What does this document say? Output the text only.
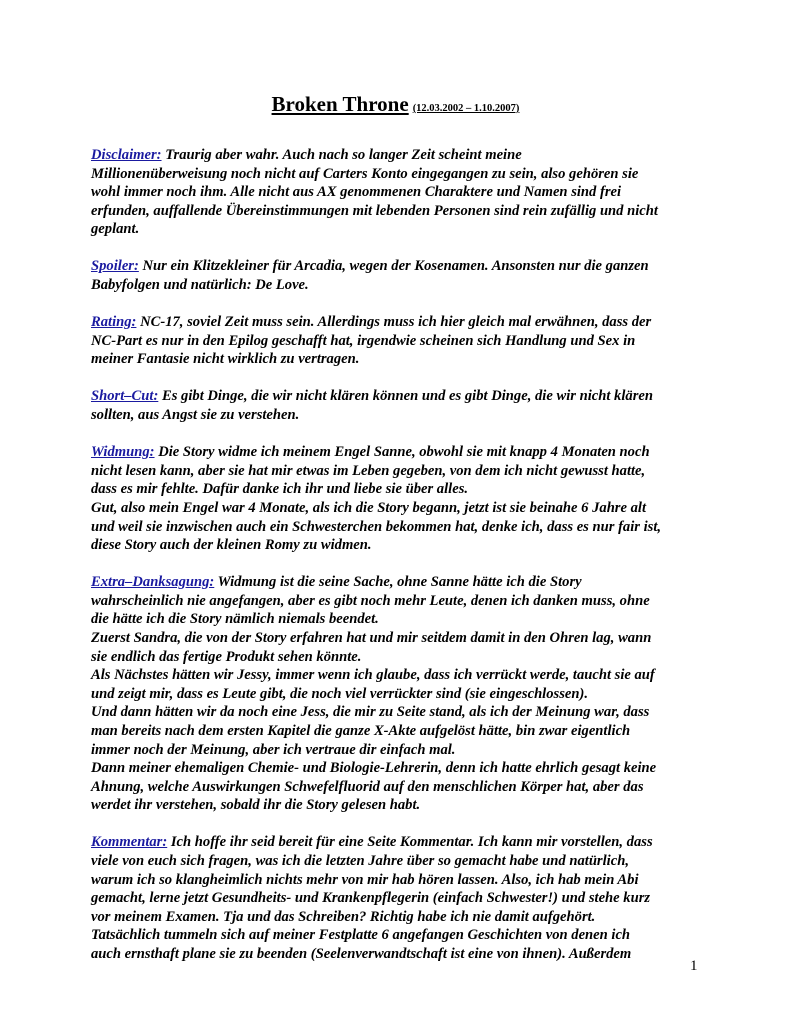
Broken Throne (12.03.2002 – 1.10.2007)
Disclaimer: Traurig aber wahr. Auch nach so langer Zeit scheint meine
Millionenüberweisung noch nicht auf Carters Konto eingegangen zu sein, also gehören sie
wohl immer noch ihm. Alle nicht aus AX genommenen Charaktere und Namen sind frei
erfunden, auffallende Übereinstimmungen mit lebenden Personen sind rein zufällig und nicht
geplant.
Spoiler: Nur ein Klitzekleiner für Arcadia, wegen der Kosenamen. Ansonsten nur die ganzen
Babyfolgen und natürlich: De Love.
Rating: NC-17, soviel Zeit muss sein. Allerdings muss ich hier gleich mal erwähnen, dass der
NC-Part es nur in den Epilog geschafft hat, irgendwie scheinen sich Handlung und Sex in
meiner Fantasie nicht wirklich zu vertragen.
Short–Cut: Es gibt Dinge, die wir nicht klären können und es gibt Dinge, die wir nicht klären
sollten, aus Angst sie zu verstehen.
Widmung: Die Story widme ich meinem Engel Sanne, obwohl sie mit knapp 4 Monaten noch
nicht lesen kann, aber sie hat mir etwas im Leben gegeben, von dem ich nicht gewusst hatte,
dass es mir fehlte. Dafür danke ich ihr und liebe sie über alles.
Gut, also mein Engel war 4 Monate, als ich die Story begann, jetzt ist sie beinahe 6 Jahre alt
und weil sie inzwischen auch ein Schwesterchen bekommen hat, denke ich, dass es nur fair ist,
diese Story auch der kleinen Romy zu widmen.
Extra–Danksagung: Widmung ist die seine Sache, ohne Sanne hätte ich die Story
wahrscheinlich nie angefangen, aber es gibt noch mehr Leute, denen ich danken muss, ohne
die hätte ich die Story nämlich niemals beendet.
Zuerst Sandra, die von der Story erfahren hat und mir seitdem damit in den Ohren lag, wann
sie endlich das fertige Produkt sehen könnte.
Als Nächstes hätten wir Jessy, immer wenn ich glaube, dass ich verrückt werde, taucht sie auf
und zeigt mir, dass es Leute gibt, die noch viel verrückter sind (sie eingeschlossen).
Und dann hätten wir da noch eine Jess, die mir zu Seite stand, als ich der Meinung war, dass
man bereits nach dem ersten Kapitel die ganze X-Akte aufgelöst hätte, bin zwar eigentlich
immer noch der Meinung, aber ich vertraue dir einfach mal.
Dann meiner ehemaligen Chemie- und Biologie-Lehrerin, denn ich hatte ehrlich gesagt keine
Ahnung, welche Auswirkungen Schwefelfluorid auf den menschlichen Körper hat, aber das
werdet ihr verstehen, sobald ihr die Story gelesen habt.
Kommentar: Ich hoffe ihr seid bereit für eine Seite Kommentar. Ich kann mir vorstellen, dass
viele von euch sich fragen, was ich die letzten Jahre über so gemacht habe und natürlich,
warum ich so klangheimlich nichts mehr von mir hab hören lassen. Also, ich hab mein Abi
gemacht, lerne jetzt Gesundheits- und Krankenpflegerin (einfach Schwester!) und stehe kurz
vor meinem Examen. Tja und das Schreiben? Richtig habe ich nie damit aufgehört.
Tatsächlich tummeln sich auf meiner Festplatte 6 angefangen Geschichten von denen ich
auch ernsthaft plane sie zu beenden (Seelenverwandtschaft ist eine von ihnen). Außerdem
1
